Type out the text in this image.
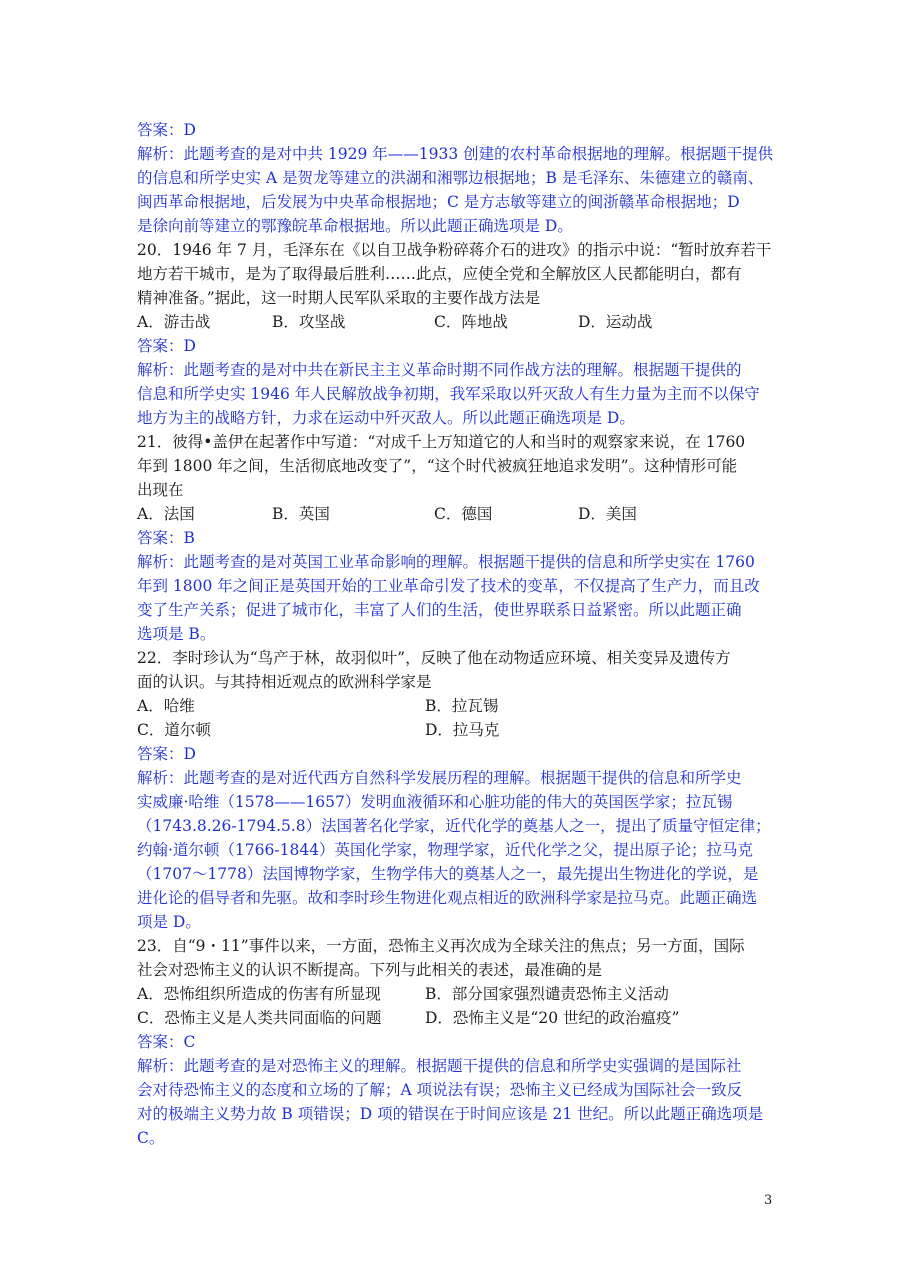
答案：D
解析：此题考查的是对中共 1929 年——1933 创建的农村革命根据地的理解。根据题干提供
的信息和所学史实 A 是贺龙等建立的洪湖和湘鄂边根据地；B 是毛泽东、朱德建立的赣南、
闽西革命根据地，后发展为中央革命根据地；C 是方志敏等建立的闽浙赣革命根据地；D
是徐向前等建立的鄂豫皖革命根据地。所以此题正确选项是 D。
20．1946 年 7 月，毛泽东在《以自卫战争粉碎蒋介石的进攻》的指示中说：“暂时放弃若干
地方若干城市，是为了取得最后胜利……此点，应使全党和全解放区人民都能明白，都有
精神准备。”据此，这一时期人民军队采取的主要作战方法是
A．游击战	B．攻坚战	C．阵地战	D．运动战
答案：D
解析：此题考查的是对中共在新民主主义革命时期不同作战方法的理解。根据题干提供的
信息和所学史实 1946 年人民解放战争初期，我军采取以歼灭敌人有生力量为主而不以保守
地方为主的战略方针，力求在运动中歼灭敌人。所以此题正确选项是 D。
21．彼得•盖伊在起著作中写道：“对成千上万知道它的人和当时的观察家来说，在 1760
年到 1800 年之间，生活彻底地改变了”，“这个时代被疯狂地追求发明”。这种情形可能
出现在
A．法国	B．英国	C．德国	D．美国
答案：B
解析：此题考查的是对英国工业革命影响的理解。根据题干提供的信息和所学史实在 1760
年到 1800 年之间正是英国开始的工业革命引发了技术的变革，不仅提高了生产力，而且改
变了生产关系；促进了城市化，丰富了人们的生活，使世界联系日益紧密。所以此题正确
选项是 B。
22．李时珍认为“鸟产于林，故羽似叶”，反映了他在动物适应环境、相关变异及遗传方
面的认识。与其持相近观点的欧洲科学家是
A．哈维	B．拉瓦锡
C．道尔顿	D．拉马克
答案：D
解析：此题考查的是对近代西方自然科学发展历程的理解。根据题干提供的信息和所学史
实威廉·哈维（1578——1657）发明血液循环和心脏功能的伟大的英国医学家；拉瓦锡
（1743.8.26-1794.5.8）法国著名化学家，近代化学的奠基人之一，提出了质量守恒定律；
约翰·道尔顿（1766-1844）英国化学家，物理学家，近代化学之父，提出原子论；拉马克
（1707～1778）法国博物学家，生物学伟大的奠基人之一，最先提出生物进化的学说，是
进化论的倡导者和先驱。故和李时珍生物进化观点相近的欧洲科学家是拉马克。此题正确选
项是 D。
23．自“9・11”事件以来，一方面，恐怖主义再次成为全球关注的焦点；另一方面，国际
社会对恐怖主义的认识不断提高。下列与此相关的表述，最准确的是
A．恐怖组织所造成的伤害有所显现	B．部分国家强烈谴责恐怖主义活动
C．恐怖主义是人类共同面临的问题	D．恐怖主义是“20 世纪的政治瘟疫”
答案：C
解析：此题考查的是对恐怖主义的理解。根据题干提供的信息和所学史实强调的是国际社
会对待恐怖主义的态度和立场的了解；A 项说法有误；恐怖主义已经成为国际社会一致反
对的极端主义势力故 B 项错误；D 项的错误在于时间应该是 21 世纪。所以此题正确选项是
C。
3
